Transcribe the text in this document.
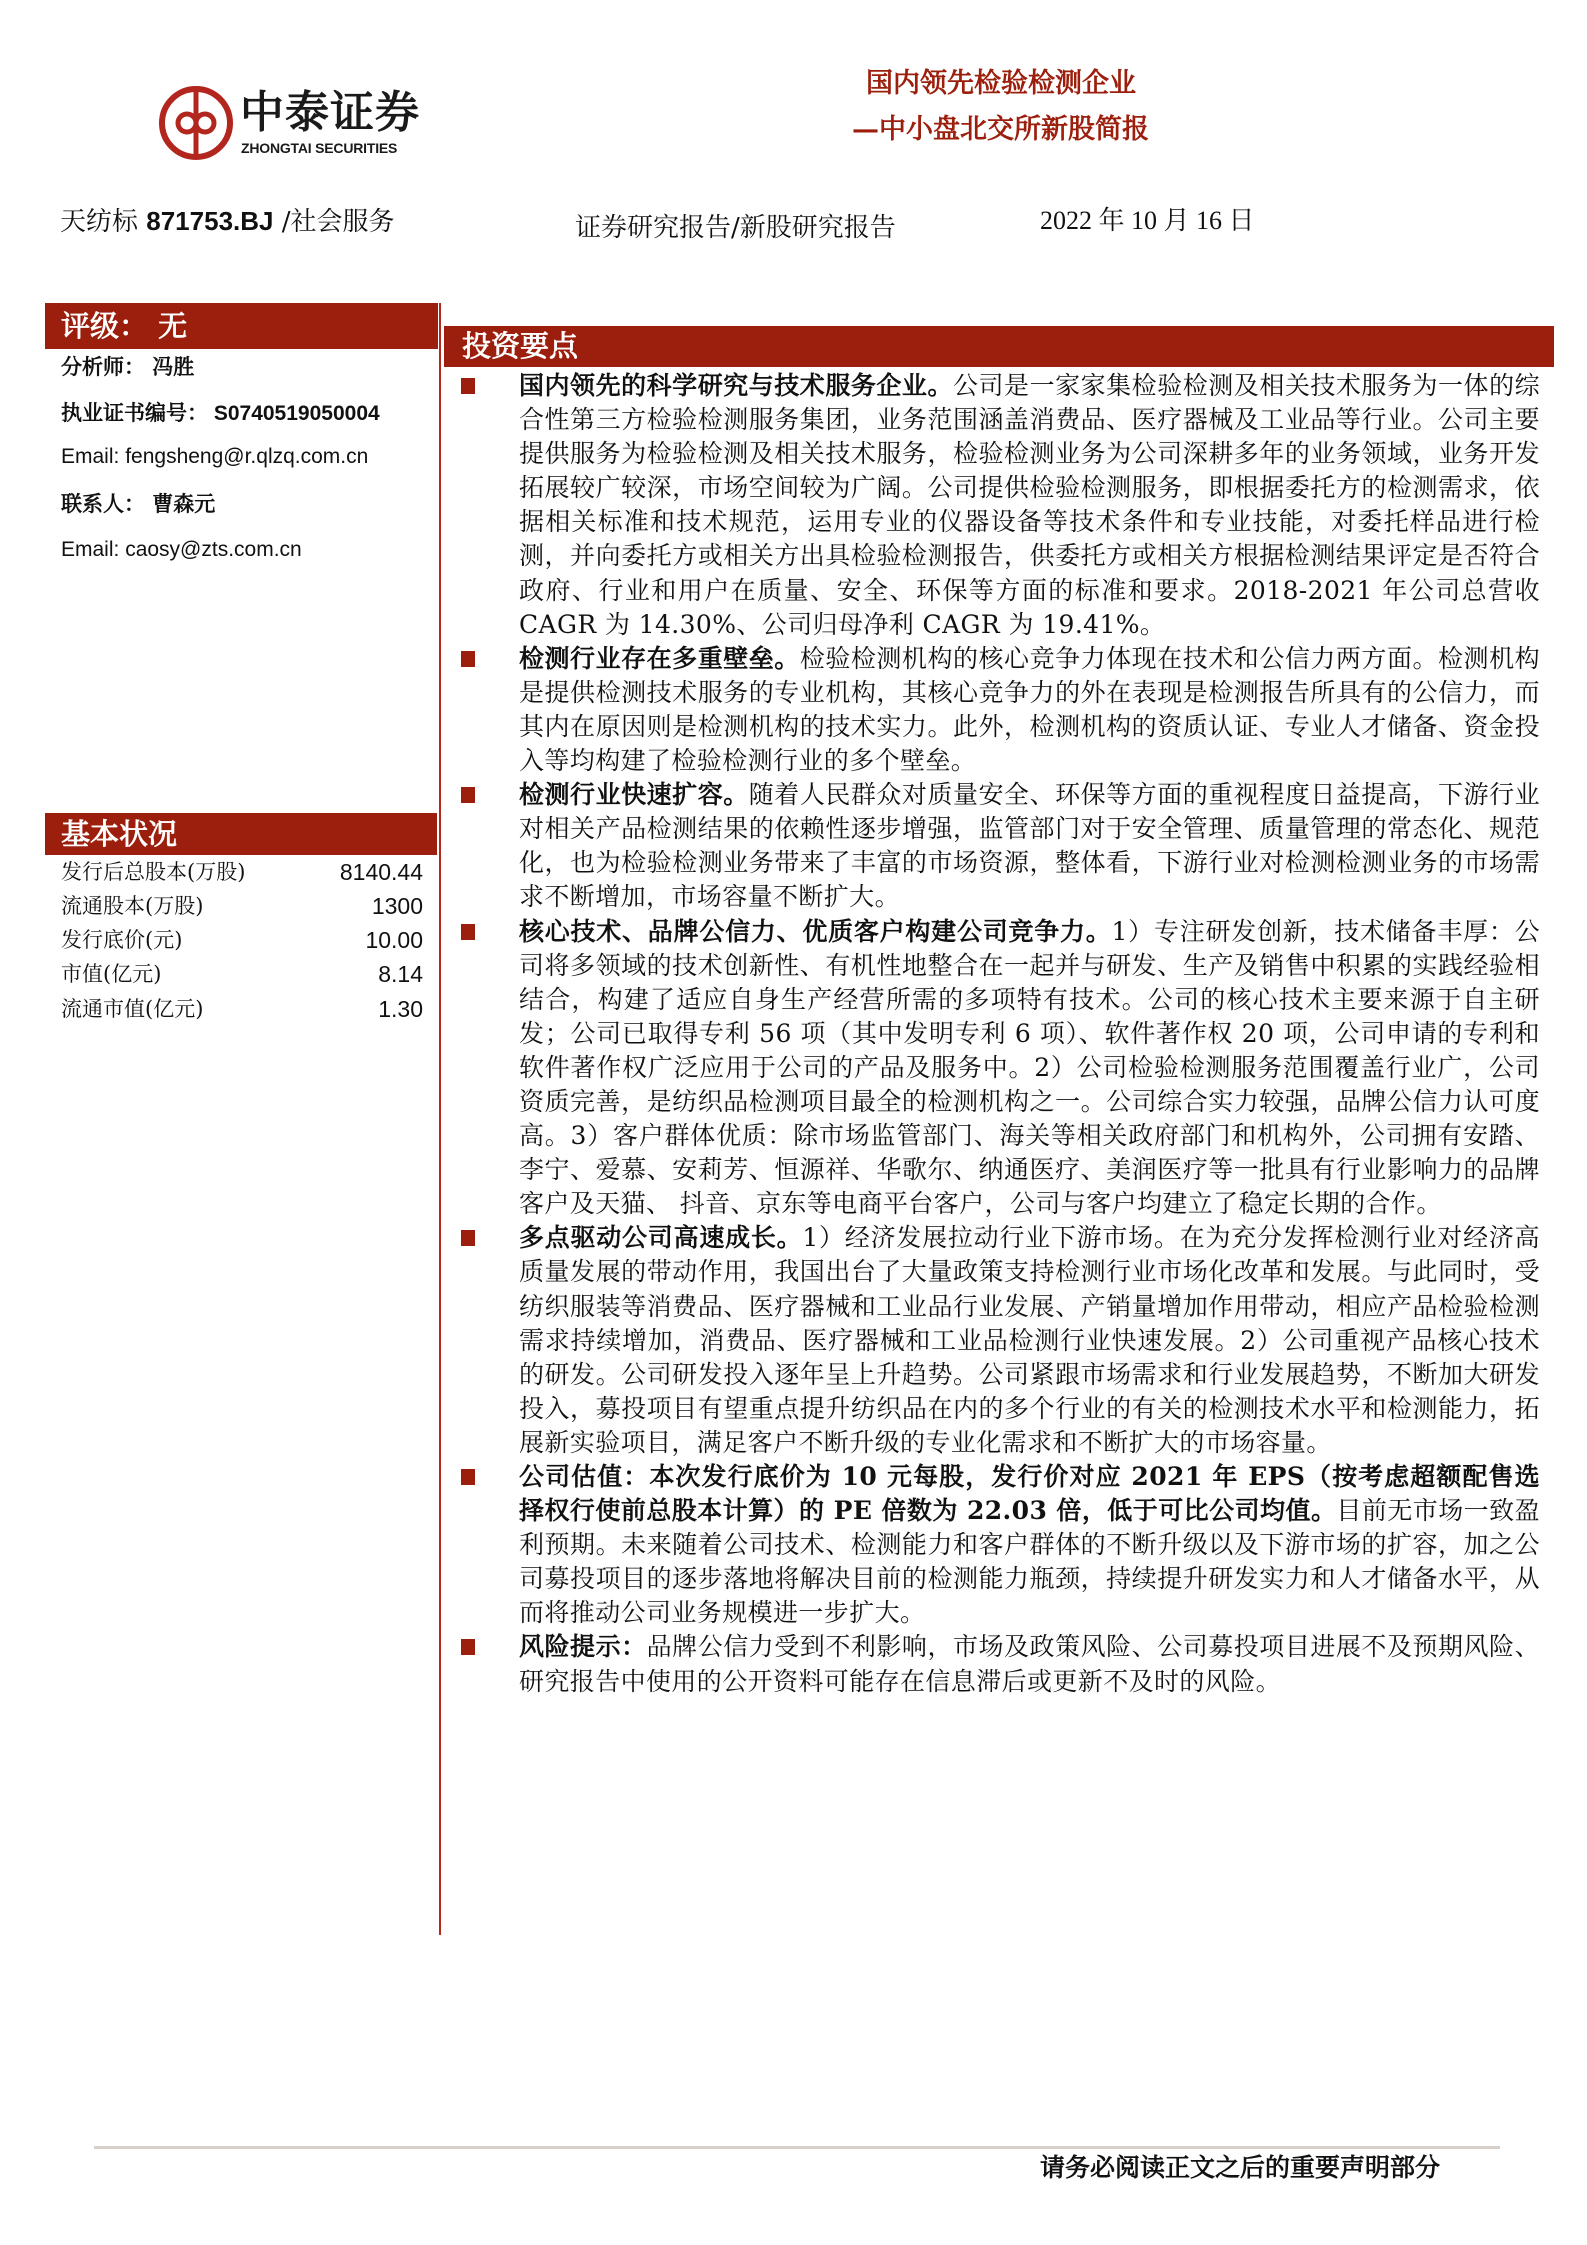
中泰证券
ZHONGTAI SECURITIES
国内领先检验检测企业
—中小盘北交所新股简报
天纺标 871753.BJ /社会服务	证券研究报告/新股研究报告	2022 年 10 月 16 日
评级： 无
投资要点
分析师： 冯胜
执业证书编号： S0740519050004
Email: fengsheng@r.qlzq.com.cn
联系人： 曹森元
Email: caosy@zts.com.cn
基本状况
发行后总股本(万股)	8140.44
流通股本(万股)	1300
发行底价(元)	10.00
市值(亿元)	8.14
流通市值(亿元)	1.30
国内领先的科学研究与技术服务企业。公司是一家家集检验检测及相关技术服务为一体的综合性第三方检验检测服务集团，业务范围涵盖消费品、医疗器械及工业品等行业。公司主要提供服务为检验检测及相关技术服务，检验检测业务为公司深耕多年的业务领域，业务开发拓展较广较深，市场空间较为广阔。公司提供检验检测服务，即根据委托方的检测需求，依据相关标准和技术规范，运用专业的仪器设备等技术条件和专业技能，对委托样品进行检测，并向委托方或相关方出具检验检测报告，供委托方或相关方根据检测结果评定是否符合政府、行业和用户在质量、安全、环保等方面的标准和要求。2018-2021 年公司总营收 CAGR 为 14.30%、公司归母净利 CAGR 为 19.41%。
检测行业存在多重壁垒。检验检测机构的核心竞争力体现在技术和公信力两方面。检测机构是提供检测技术服务的专业机构，其核心竞争力的外在表现是检测报告所具有的公信力，而其内在原因则是检测机构的技术实力。此外，检测机构的资质认证、专业人才储备、资金投入等均构建了检验检测行业的多个壁垒。
检测行业快速扩容。随着人民群众对质量安全、环保等方面的重视程度日益提高，下游行业对相关产品检测结果的依赖性逐步增强，监管部门对于安全管理、质量管理的常态化、规范化，也为检验检测业务带来了丰富的市场资源，整体看，下游行业对检测检测业务的市场需求不断增加，市场容量不断扩大。
核心技术、品牌公信力、优质客户构建公司竞争力。1）专注研发创新，技术储备丰厚：公司将多领域的技术创新性、有机性地整合在一起并与研发、生产及销售中积累的实践经验相结合，构建了适应自身生产经营所需的多项特有技术。公司的核心技术主要来源于自主研发；公司已取得专利 56 项（其中发明专利 6 项）、软件著作权 20 项，公司申请的专利和软件著作权广泛应用于公司的产品及服务中。2）公司检验检测服务范围覆盖行业广，公司资质完善，是纺织品检测项目最全的检测机构之一。公司综合实力较强，品牌公信力认可度高。3）客户群体优质：除市场监管部门、海关等相关政府部门和机构外，公司拥有安踏、李宁、爱慕、安莉芳、恒源祥、华歌尔、纳通医疗、美润医疗等一批具有行业影响力的品牌客户及天猫、 抖音、京东等电商平台客户，公司与客户均建立了稳定长期的合作。
多点驱动公司高速成长。1）经济发展拉动行业下游市场。在为充分发挥检测行业对经济高质量发展的带动作用，我国出台了大量政策支持检测行业市场化改革和发展。与此同时，受纺织服装等消费品、医疗器械和工业品行业发展、产销量增加作用带动，相应产品检验检测需求持续增加，消费品、医疗器械和工业品检测行业快速发展。2）公司重视产品核心技术的研发。公司研发投入逐年呈上升趋势。公司紧跟市场需求和行业发展趋势，不断加大研发投入，募投项目有望重点提升纺织品在内的多个行业的有关的检测技术水平和检测能力，拓展新实验项目，满足客户不断升级的专业化需求和不断扩大的市场容量。
公司估值：本次发行底价为 10 元每股，发行价对应 2021 年 EPS（按考虑超额配售选择权行使前总股本计算）的 PE 倍数为 22.03 倍，低于可比公司均值。目前无市场一致盈利预期。未来随着公司技术、检测能力和客户群体的不断升级以及下游市场的扩容，加之公司募投项目的逐步落地将解决目前的检测能力瓶颈，持续提升研发实力和人才储备水平，从而将推动公司业务规模进一步扩大。
风险提示：品牌公信力受到不利影响，市场及政策风险、公司募投项目进展不及预期风险、研究报告中使用的公开资料可能存在信息滞后或更新不及时的风险。
请务必阅读正文之后的重要声明部分
